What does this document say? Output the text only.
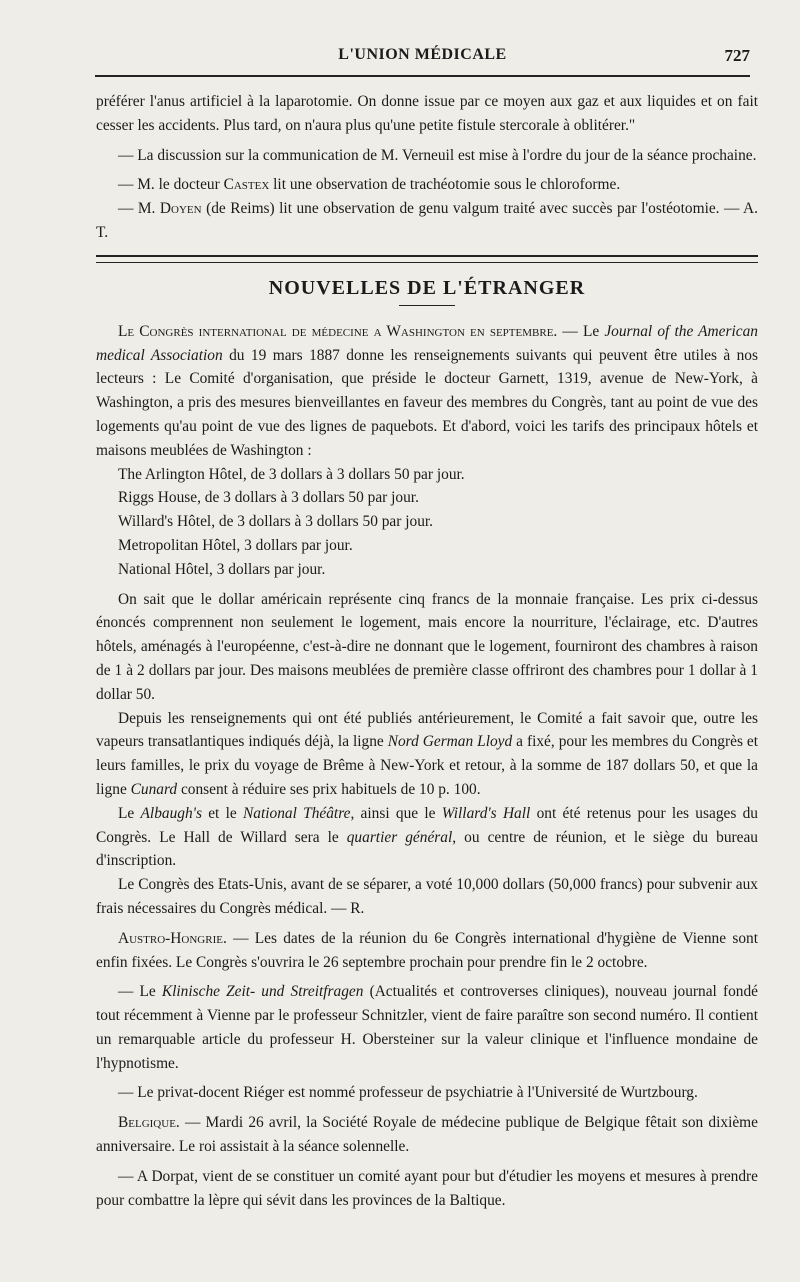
L'UNION MÉDICALE	727

préférer l'anus artificiel à la laparotomie. On donne issue par ce moyen aux gaz et aux liquides et on fait cesser les accidents. Plus tard, on n'aura plus qu'une petite fistule stercorale à oblitérer."

— La discussion sur la communication de M. Verneuil est mise à l'ordre du jour de la séance prochaine.

— M. le docteur Castex lit une observation de trachéotomie sous le chloroforme.

— M. Doyen (de Reims) lit une observation de genu valgum traité avec succès par l'ostéotomie. — A. T.

NOUVELLES DE L'ÉTRANGER

Le Congrès international de médecine a Washington en septembre. — Le Journal of the American medical Association du 19 mars 1887 donne les renseignements suivants qui peuvent être utiles à nos lecteurs : Le Comité d'organisation, que préside le docteur Garnett, 1319, avenue de New-York, à Washington, a pris des mesures bienveillantes en faveur des membres du Congrès, tant au point de vue des logements qu'au point de vue des lignes de paquebots. Et d'abord, voici les tarifs des principaux hôtels et maisons meublées de Washington :

The Arlington Hôtel, de 3 dollars à 3 dollars 50 par jour.
Riggs House, de 3 dollars à 3 dollars 50 par jour.
Willard's Hôtel, de 3 dollars à 3 dollars 50 par jour.
Metropolitan Hôtel, 3 dollars par jour.
National Hôtel, 3 dollars par jour.

On sait que le dollar américain représente cinq francs de la monnaie française. Les prix ci-dessus énoncés comprennent non seulement le logement, mais encore la nourriture, l'éclairage, etc. D'autres hôtels, aménagés à l'européenne, c'est-à-dire ne donnant que le logement, fourniront des chambres à raison de 1 à 2 dollars par jour. Des maisons meublées de première classe offriront des chambres pour 1 dollar à 1 dollar 50.

Depuis les renseignements qui ont été publiés antérieurement, le Comité a fait savoir que, outre les vapeurs transatlantiques indiqués déjà, la ligne Nord German Lloyd a fixé, pour les membres du Congrès et leurs familles, le prix du voyage de Brême à New-York et retour, à la somme de 187 dollars 50, et que la ligne Cunard consent à réduire ses prix habituels de 10 p. 100.

Le Albaugh's et le National Théâtre, ainsi que le Willard's Hall ont été retenus pour les usages du Congrès. Le Hall de Willard sera le quartier général, ou centre de réunion, et le siège du bureau d'inscription.

Le Congrès des Etats-Unis, avant de se séparer, a voté 10,000 dollars (50,000 francs) pour subvenir aux frais nécessaires du Congrès médical. — R.

Austro-Hongrie. — Les dates de la réunion du 6e Congrès international d'hygiène de Vienne sont enfin fixées. Le Congrès s'ouvrira le 26 septembre prochain pour prendre fin le 2 octobre.

— Le Klinische Zeit- und Streitfragen (Actualités et controverses cliniques), nouveau journal fondé tout récemment à Vienne par le professeur Schnitzler, vient de faire paraître son second numéro. Il contient un remarquable article du professeur H. Obersteiner sur la valeur clinique et l'influence mondaine de l'hypnotisme.

— Le privat-docent Riéger est nommé professeur de psychiatrie à l'Université de Wurtzbourg.

Belgique. — Mardi 26 avril, la Société Royale de médecine publique de Belgique fêtait son dixième anniversaire. Le roi assistait à la séance solennelle.

— A Dorpat, vient de se constituer un comité ayant pour but d'étudier les moyens et mesures à prendre pour combattre la lèpre qui sévit dans les provinces de la Baltique.
